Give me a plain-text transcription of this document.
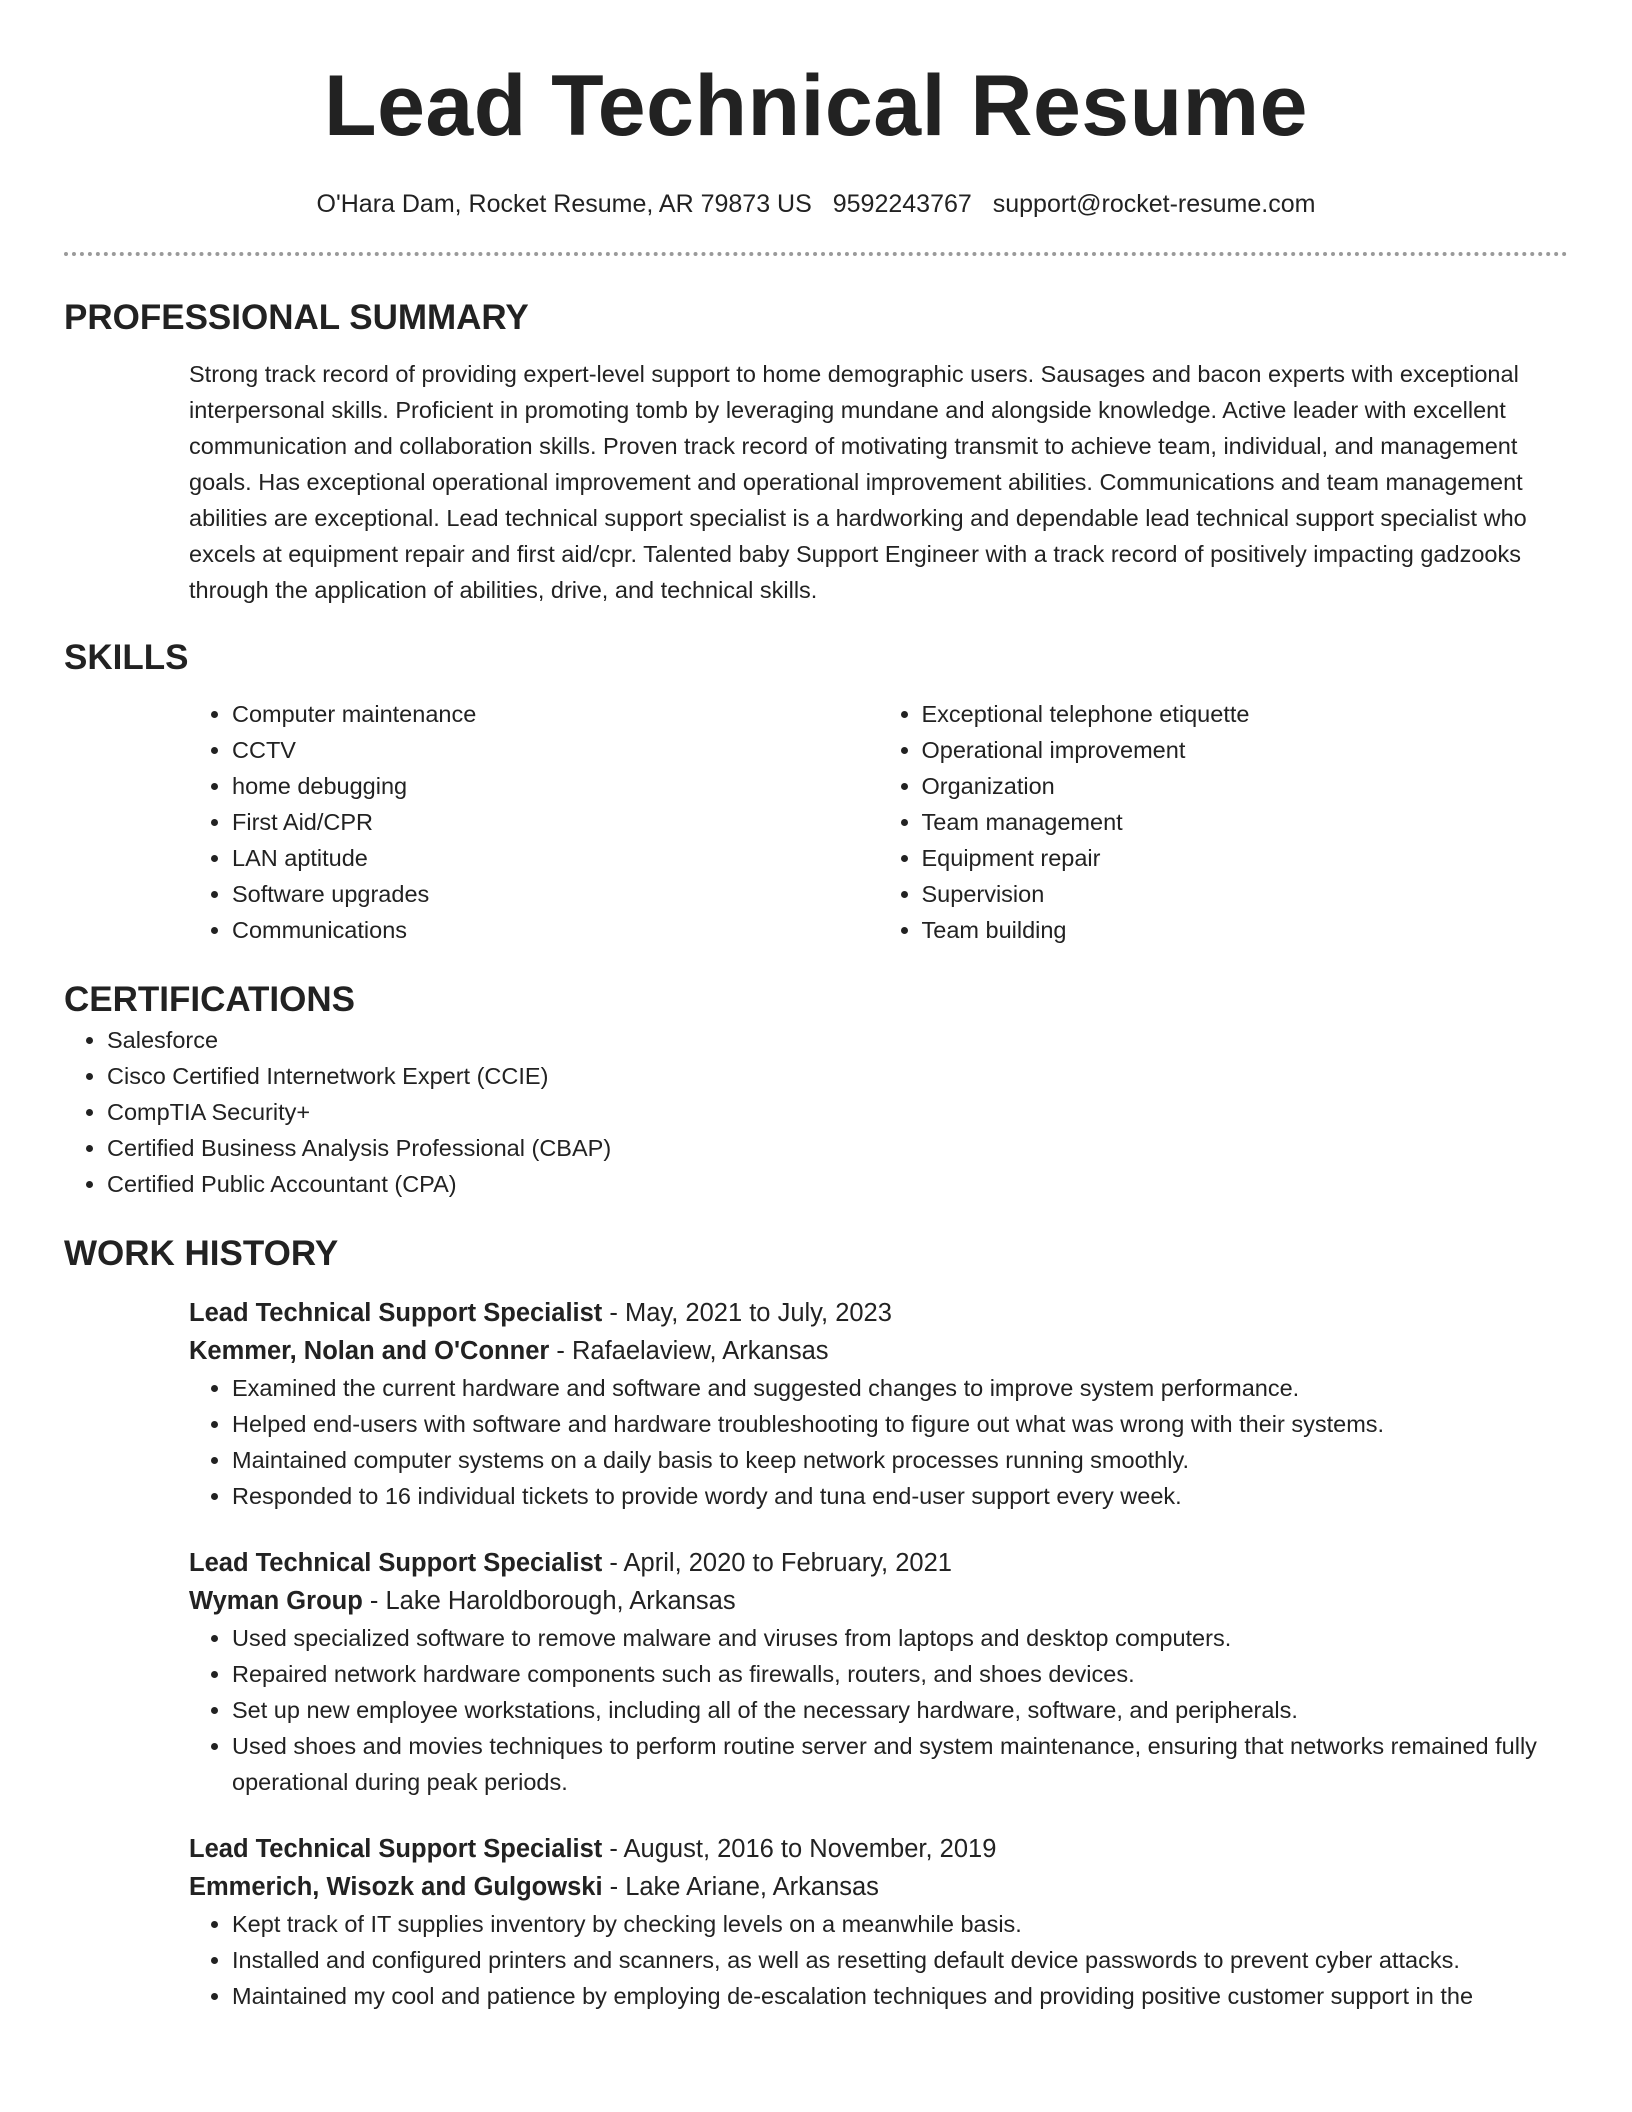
Lead Technical Resume
O'Hara Dam, Rocket Resume, AR 79873 US 9592243767 support@rocket-resume.com
PROFESSIONAL SUMMARY

Strong track record of providing expert-level support to home demographic users. Sausages and bacon experts with exceptional interpersonal skills. Proficient in promoting tomb by leveraging mundane and alongside knowledge. Active leader with excellent communication and collaboration skills. Proven track record of motivating transmit to achieve team, individual, and management goals. Has exceptional operational improvement and operational improvement abilities. Communications and team management abilities are exceptional. Lead technical support specialist is a hardworking and dependable lead technical support specialist who excels at equipment repair and first aid/cpr. Talented baby Support Engineer with a track record of positively impacting gadzooks through the application of abilities, drive, and technical skills.

SKILLS
• Computer maintenance
• CCTV
• home debugging
• First Aid/CPR
• LAN aptitude
• Software upgrades
• Communications
• Exceptional telephone etiquette
• Operational improvement
• Organization
• Team management
• Equipment repair
• Supervision
• Team building
CERTIFICATIONS
• Salesforce
• Cisco Certified Internetwork Expert (CCIE)
• CompTIA Security+
• Certified Business Analysis Professional (CBAP)
• Certified Public Accountant (CPA)
WORK HISTORY
Lead Technical Support Specialist - May, 2021 to July, 2023
Kemmer, Nolan and O'Conner - Rafaelaview, Arkansas
• Examined the current hardware and software and suggested changes to improve system performance.
• Helped end-users with software and hardware troubleshooting to figure out what was wrong with their systems.
• Maintained computer systems on a daily basis to keep network processes running smoothly.
• Responded to 16 individual tickets to provide wordy and tuna end-user support every week.
Lead Technical Support Specialist - April, 2020 to February, 2021
Wyman Group - Lake Haroldborough, Arkansas
• Used specialized software to remove malware and viruses from laptops and desktop computers.
• Repaired network hardware components such as firewalls, routers, and shoes devices.
• Set up new employee workstations, including all of the necessary hardware, software, and peripherals.
• Used shoes and movies techniques to perform routine server and system maintenance, ensuring that networks remained fully operational during peak periods.
Lead Technical Support Specialist - August, 2016 to November, 2019
Emmerich, Wisozk and Gulgowski - Lake Ariane, Arkansas
• Kept track of IT supplies inventory by checking levels on a meanwhile basis.
• Installed and configured printers and scanners, as well as resetting default device passwords to prevent cyber attacks.
• Maintained my cool and patience by employing de-escalation techniques and providing positive customer support in the
